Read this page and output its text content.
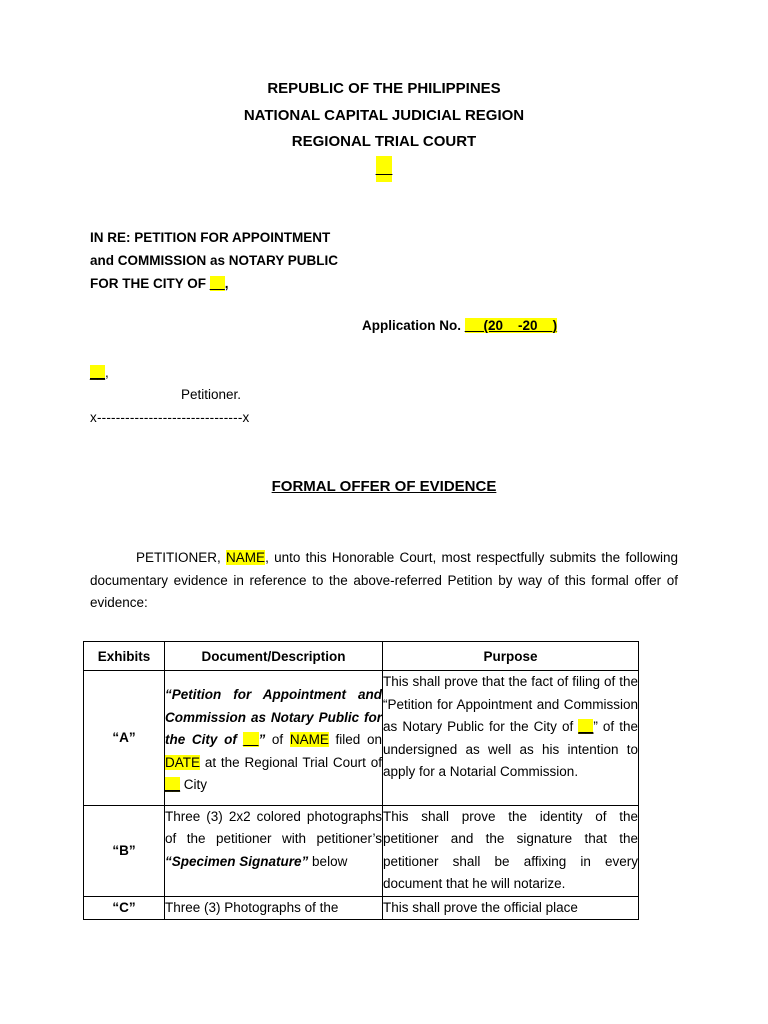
REPUBLIC OF THE PHILIPPINES
NATIONAL CAPITAL JUDICIAL REGION
REGIONAL TRIAL COURT
__
IN RE: PETITION FOR APPOINTMENT
and COMMISSION as NOTARY PUBLIC
FOR THE CITY OF __,
Application No. __ (20__-20__)
__,
Petitioner.
x-------------------------------x
FORMAL OFFER OF EVIDENCE
PETITIONER, NAME, unto this Honorable Court, most respectfully submits the following documentary evidence in reference to the above-referred Petition by way of this formal offer of evidence:
Exhibits	Document/Description	Purpose
“A”	“Petition for Appointment and Commission as Notary Public for the City of __” of NAME filed on DATE at the Regional Trial Court of __ City	This shall prove that the fact of filing of the “Petition for Appointment and Commission as Notary Public for the City of __” of the undersigned as well as his intention to apply for a Notarial Commission.
“B”	Three (3) 2x2 colored photographs of the petitioner with petitioner’s “Specimen Signature” below	This shall prove the identity of the petitioner and the signature that the petitioner shall be affixing in every document that he will notarize.
“C”	Three (3) Photographs of the	This shall prove the official place
